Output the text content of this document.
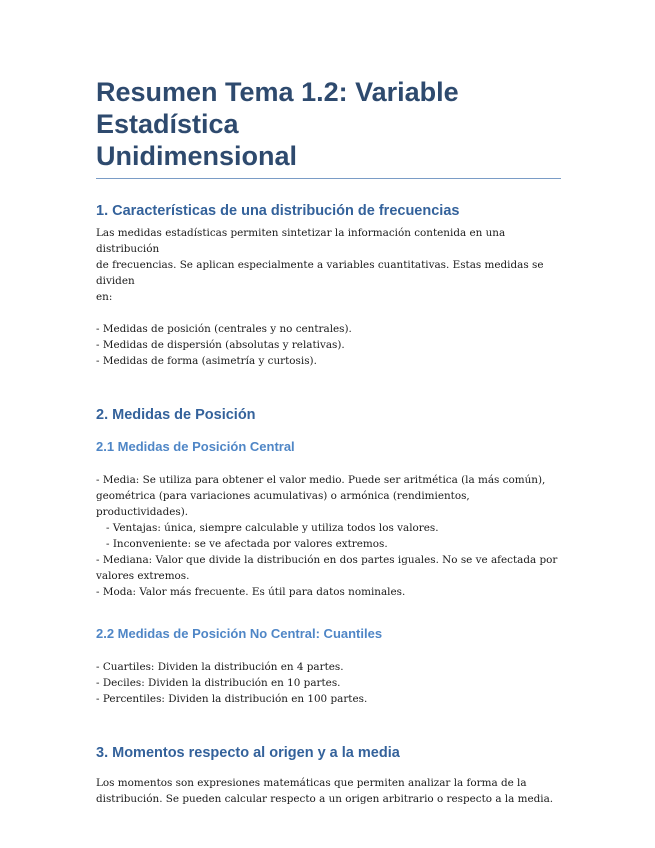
Resumen Tema 1.2: Variable Estadística
Unidimensional
1. Características de una distribución de frecuencias

Las medidas estadísticas permiten sintetizar la información contenida en una distribución
de frecuencias. Se aplican especialmente a variables cuantitativas. Estas medidas se dividen
en:

- Medidas de posición (centrales y no centrales).
- Medidas de dispersión (absolutas y relativas).
- Medidas de forma (asimetría y curtosis).
2. Medidas de Posición
2.1 Medidas de Posición Central
- Media: Se utiliza para obtener el valor medio. Puede ser aritmética (la más común),
geométrica (para variaciones acumulativas) o armónica (rendimientos, productividades).
- Ventajas: única, siempre calculable y utiliza todos los valores.
- Inconveniente: se ve afectada por valores extremos.
- Mediana: Valor que divide la distribución en dos partes iguales. No se ve afectada por
valores extremos.
- Moda: Valor más frecuente. Es útil para datos nominales.
2.2 Medidas de Posición No Central: Cuantiles
- Cuartiles: Dividen la distribución en 4 partes.
- Deciles: Dividen la distribución en 10 partes.
- Percentiles: Dividen la distribución en 100 partes.
3. Momentos respecto al origen y a la media
Los momentos son expresiones matemáticas que permiten analizar la forma de la
distribución. Se pueden calcular respecto a un origen arbitrario o respecto a la media.
